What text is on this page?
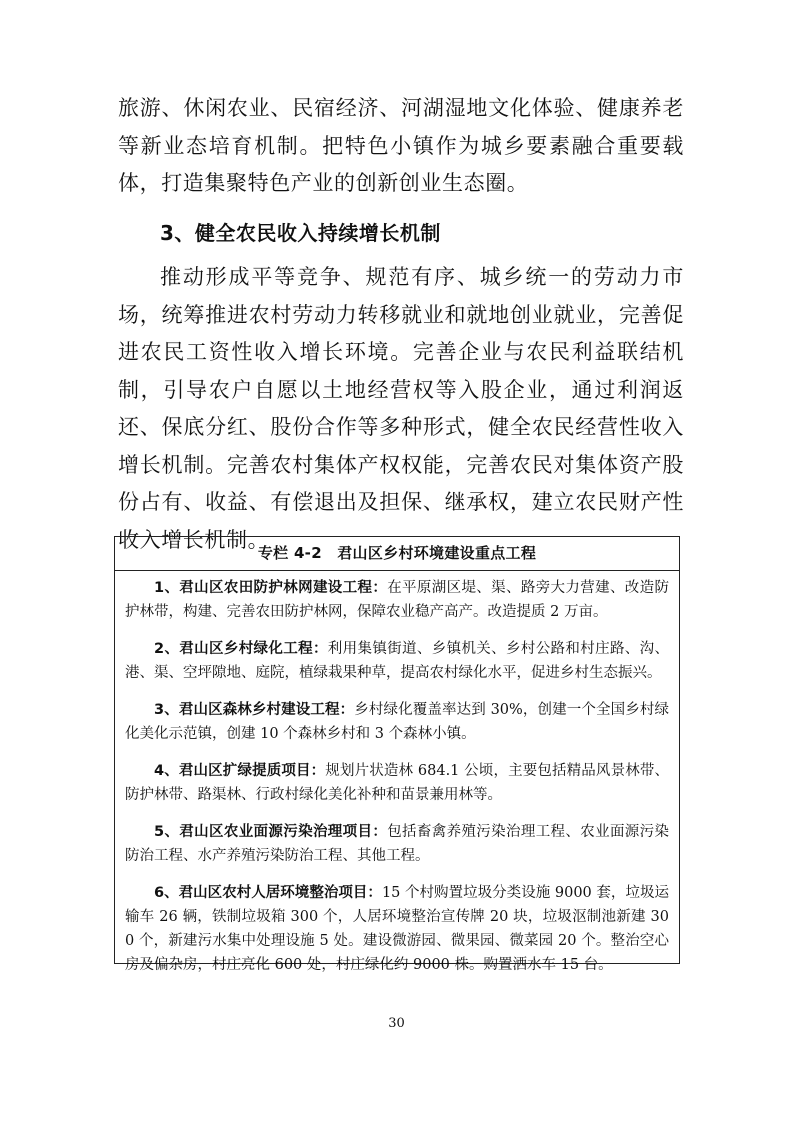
旅游、休闲农业、民宿经济、河湖湿地文化体验、健康养老等新业态培育机制。把特色小镇作为城乡要素融合重要载体，打造集聚特色产业的创新创业生态圈。

3、健全农民收入持续增长机制

推动形成平等竞争、规范有序、城乡统一的劳动力市场，统筹推进农村劳动力转移就业和就地创业就业，完善促进农民工资性收入增长环境。完善企业与农民利益联结机制，引导农户自愿以土地经营权等入股企业，通过利润返还、保底分红、股份合作等多种形式，健全农民经营性收入增长机制。完善农村集体产权权能，完善农民对集体资产股份占有、收益、有偿退出及担保、继承权，建立农民财产性收入增长机制。

专栏 4-2　君山区乡村环境建设重点工程

1、君山区农田防护林网建设工程：在平原湖区堤、渠、路旁大力营建、改造防护林带，构建、完善农田防护林网，保障农业稳产高产。改造提质 2 万亩。

2、君山区乡村绿化工程：利用集镇街道、乡镇机关、乡村公路和村庄路、沟、港、渠、空坪隙地、庭院，植绿栽果种草，提高农村绿化水平，促进乡村生态振兴。

3、君山区森林乡村建设工程：乡村绿化覆盖率达到 30%，创建一个全国乡村绿化美化示范镇，创建 10 个森林乡村和 3 个森林小镇。

4、君山区扩绿提质项目：规划片状造林 684.1 公顷，主要包括精品风景林带、防护林带、路渠林、行政村绿化美化补种和苗景兼用林等。

5、君山区农业面源污染治理项目：包括畜禽养殖污染治理工程、农业面源污染防治工程、水产养殖污染防治工程、其他工程。

6、君山区农村人居环境整治项目：15 个村购置垃圾分类设施 9000 套，垃圾运输车 26 辆，铁制垃圾箱 300 个，人居环境整治宣传牌 20 块，垃圾沤制池新建 300 个，新建污水集中处理设施 5 处。建设微游园、微果园、微菜园 20 个。整治空心房及偏杂房，村庄亮化 600 处，村庄绿化约 9000 株。购置洒水车 15 台。

30
